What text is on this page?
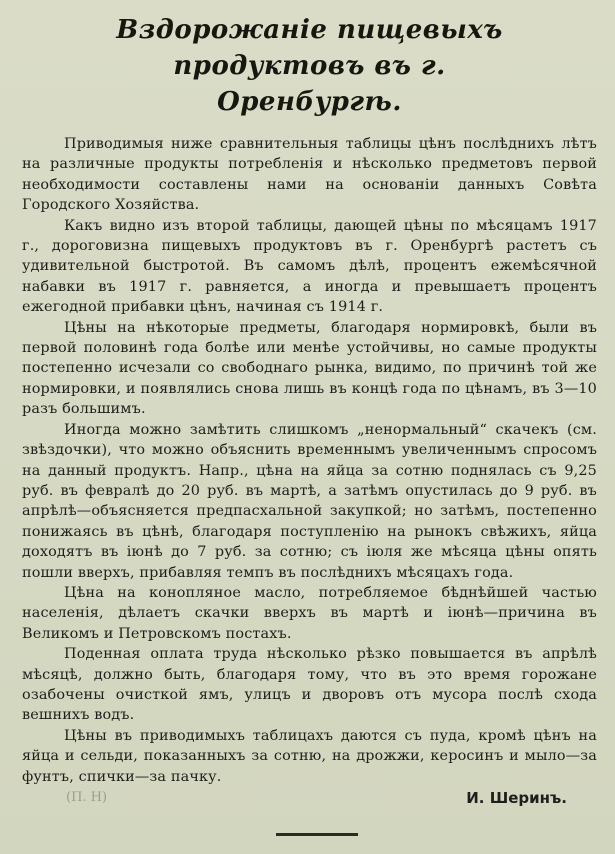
Вздорожаніе пищевыхъ продуктовъ въ г.
Оренбургѣ.

Приводимыя ниже сравнительныя таблицы цѣнъ послѣднихъ лѣтъ на различные продукты потребленія и нѣсколько предметовъ первой необходимости составлены нами на основаніи данныхъ Совѣта Городского Хозяйства.

Какъ видно изъ второй таблицы, дающей цѣны по мѣсяцамъ 1917 г., дороговизна пищевыхъ продуктовъ въ г. Оренбургѣ растетъ съ удивительной быстротой. Въ самомъ дѣлѣ, процентъ ежемѣсячной набавки въ 1917 г. равняется, а иногда и превышаетъ процентъ ежегодной прибавки цѣнъ, начиная съ 1914 г.

Цѣны на нѣкоторые предметы, благодаря нормировкѣ, были въ первой половинѣ года болѣе или менѣе устойчивы, но самые продукты постепенно исчезали со свободнаго рынка, видимо, по причинѣ той же нормировки, и появлялись снова лишь въ концѣ года по цѣнамъ, въ 3—10 разъ большимъ.

Иногда можно замѣтить слишкомъ „ненормальный“ скачекъ (см. звѣздочки), что можно объяснить временнымъ увеличеннымъ спросомъ на данный продуктъ. Напр., цѣна на яйца за сотню поднялась съ 9,25 руб. въ февралѣ до 20 руб. въ мартѣ, а затѣмъ опустилась до 9 руб. въ апрѣлѣ—объясняется предпасхальной закупкой; но затѣмъ, постепенно понижаясь въ цѣнѣ, благодаря поступленію на рынокъ свѣжихъ, яйца доходятъ въ іюнѣ до 7 руб. за сотню; съ іюля же мѣсяца цѣны опять пошли вверхъ, прибавляя темпъ въ послѣднихъ мѣсяцахъ года.

Цѣна на конопляное масло, потребляемое бѣднѣйшей частью населенія, дѣлаетъ скачки вверхъ въ мартѣ и іюнѣ—причина въ Великомъ и Петровскомъ постахъ.

Поденная оплата труда нѣсколько рѣзко повышается въ апрѣлѣ мѣсяцѣ, должно быть, благодаря тому, что въ это время горожане озабочены очисткой ямъ, улицъ и дворовъ отъ мусора послѣ схода вешнихъ водъ.

Цѣны въ приводимыхъ таблицахъ даются съ пуда, кромѣ цѣнъ на яйца и сельди, показанныхъ за сотню, на дрожжи, керосинъ и мыло—за фунтъ, спички—за пачку.

(П. Н)	И. Шеринъ.
